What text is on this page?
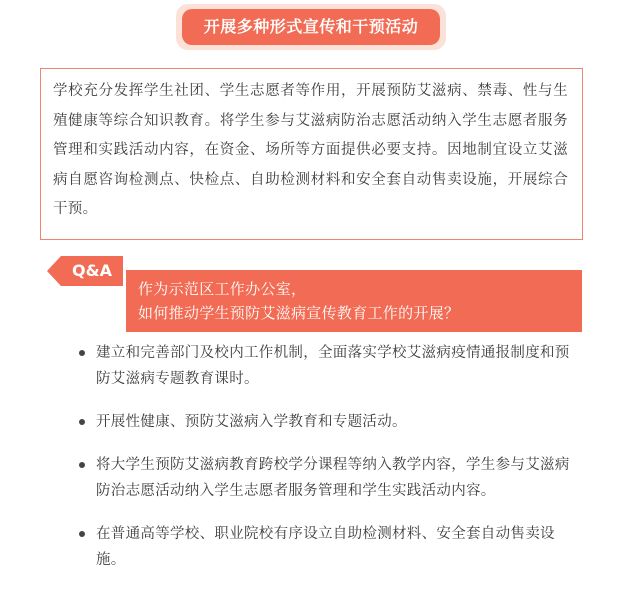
开展多种形式宣传和干预活动
学校充分发挥学生社团、学生志愿者等作用，开展预防艾滋病、禁毒、性与生殖健康等综合知识教育。将学生参与艾滋病防治志愿活动纳入学生志愿者服务管理和实践活动内容，在资金、场所等方面提供必要支持。因地制宜设立艾滋病自愿咨询检测点、快检点、自助检测材料和安全套自动售卖设施，开展综合干预。
Q&A
作为示范区工作办公室，
如何推动学生预防艾滋病宣传教育工作的开展？
建立和完善部门及校内工作机制，全面落实学校艾滋病疫情通报制度和预防艾滋病专题教育课时。
开展性健康、预防艾滋病入学教育和专题活动。
将大学生预防艾滋病教育跨校学分课程等纳入教学内容，学生参与艾滋病防治志愿活动纳入学生志愿者服务管理和学生实践活动内容。
在普通高等学校、职业院校有序设立自助检测材料、安全套自动售卖设施。
